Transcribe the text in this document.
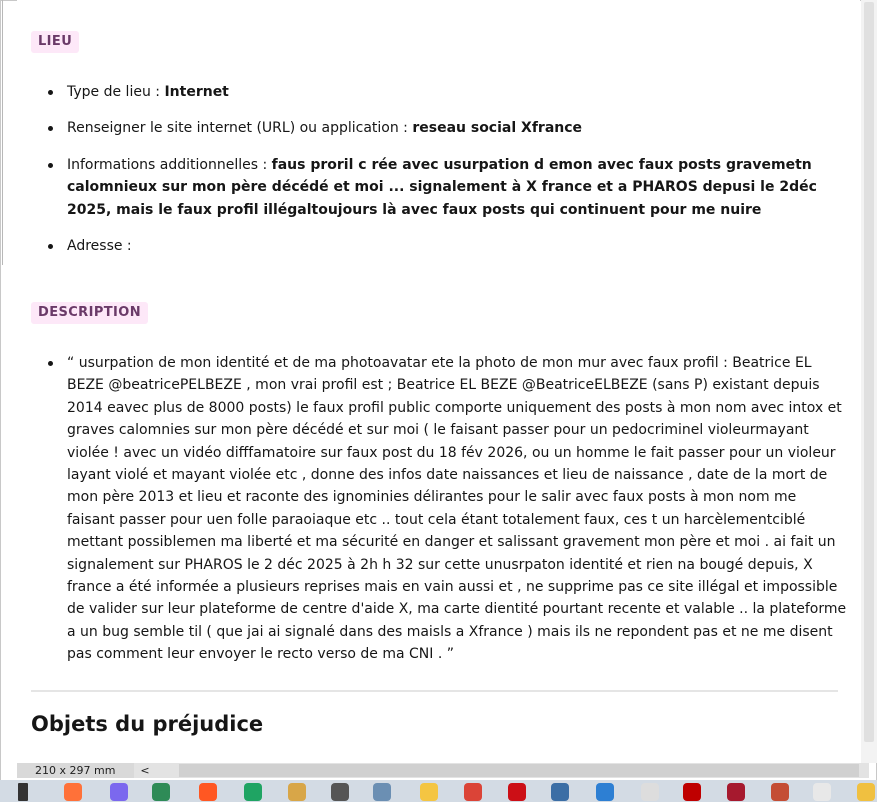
LIEU
Type de lieu : Internet
Renseigner le site internet (URL) ou application : reseau social Xfrance
Informations additionnelles : faus proril c rée avec usurpation d emon avec faux posts gravemetn calomnieux sur mon père décédé et moi ... signalement à X france et a PHAROS depusi le 2déc 2025, mais le faux profil illégaltoujours là avec faux posts qui continuent pour me nuire
Adresse :
DESCRIPTION
“ usurpation de mon identité et de ma photoavatar ete la photo de mon mur avec faux profil : Beatrice EL BEZE @beatricePELBEZE , mon vrai profil est ; Beatrice EL BEZE @BeatriceELBEZE (sans P) existant depuis 2014 eavec plus de 8000 posts) le faux profil public comporte uniquement des posts à mon nom avec intox et graves calomnies sur mon père décédé et sur moi ( le faisant passer pour un pedocriminel violeurmayant violée ! avec un vidéo difffamatoire sur faux post du 18 fév 2026, ou un homme le fait passer pour un violeur layant violé et mayant violée etc , donne des infos date naissances et lieu de naissance , date de la mort de mon père 2013 et lieu et raconte des ignominies délirantes pour le salir avec faux posts à mon nom me faisant passer pour uen folle paraoiaque etc .. tout cela étant totalement faux, ces t un harcèlementciblé mettant possiblemen ma liberté et ma sécurité en danger et salissant gravement mon père et moi . ai fait un signalement sur PHAROS le 2 déc 2025 à 2h h 32 sur cette unusrpaton identité et rien na bougé depuis, X france a été informée a plusieurs reprises mais en vain aussi et , ne supprime pas ce site illégal et impossible de valider sur leur plateforme de centre d'aide X, ma carte dientité pourtant recente et valable .. la plateforme a un bug semble til ( que jai ai signalé dans des maisls a Xfrance ) mais ils ne repondent pas et ne me disent pas comment leur envoyer le recto verso de ma CNI . ”
Objets du préjudice
210 x 297 mm	<
